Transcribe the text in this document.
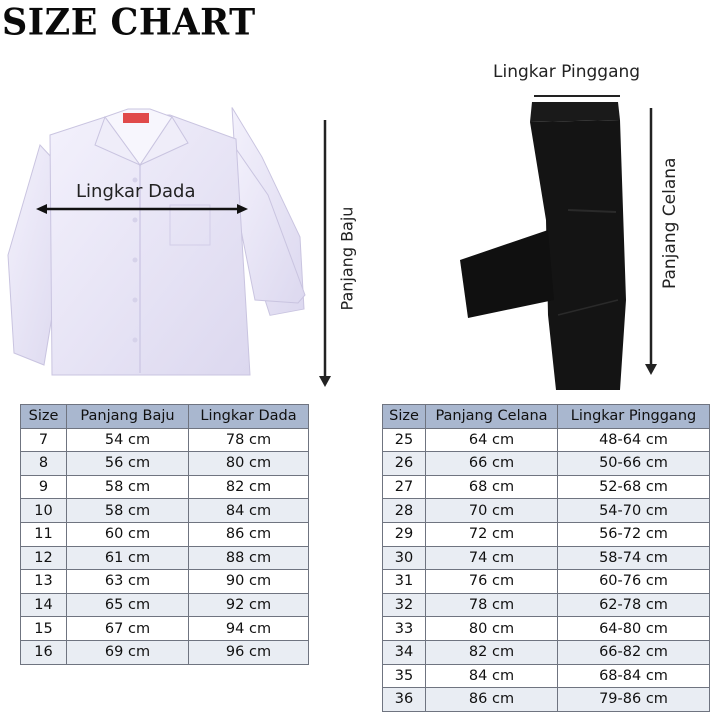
SIZE CHART
Lingkar Dada
Panjang Baju
Lingkar Pinggang
Panjang Celana
Size	Panjang Baju	Lingkar Dada
7	54 cm	78 cm
8	56 cm	80 cm
9	58 cm	82 cm
10	58 cm	84 cm
11	60 cm	86 cm
12	61 cm	88 cm
13	63 cm	90 cm
14	65 cm	92 cm
15	67 cm	94 cm
16	69 cm	96 cm
Size	Panjang Celana	Lingkar Pinggang
25	64 cm	48-64 cm
26	66 cm	50-66 cm
27	68 cm	52-68 cm
28	70 cm	54-70 cm
29	72 cm	56-72 cm
30	74 cm	58-74 cm
31	76 cm	60-76 cm
32	78 cm	62-78 cm
33	80 cm	64-80 cm
34	82 cm	66-82 cm
35	84 cm	68-84 cm
36	86 cm	79-86 cm
